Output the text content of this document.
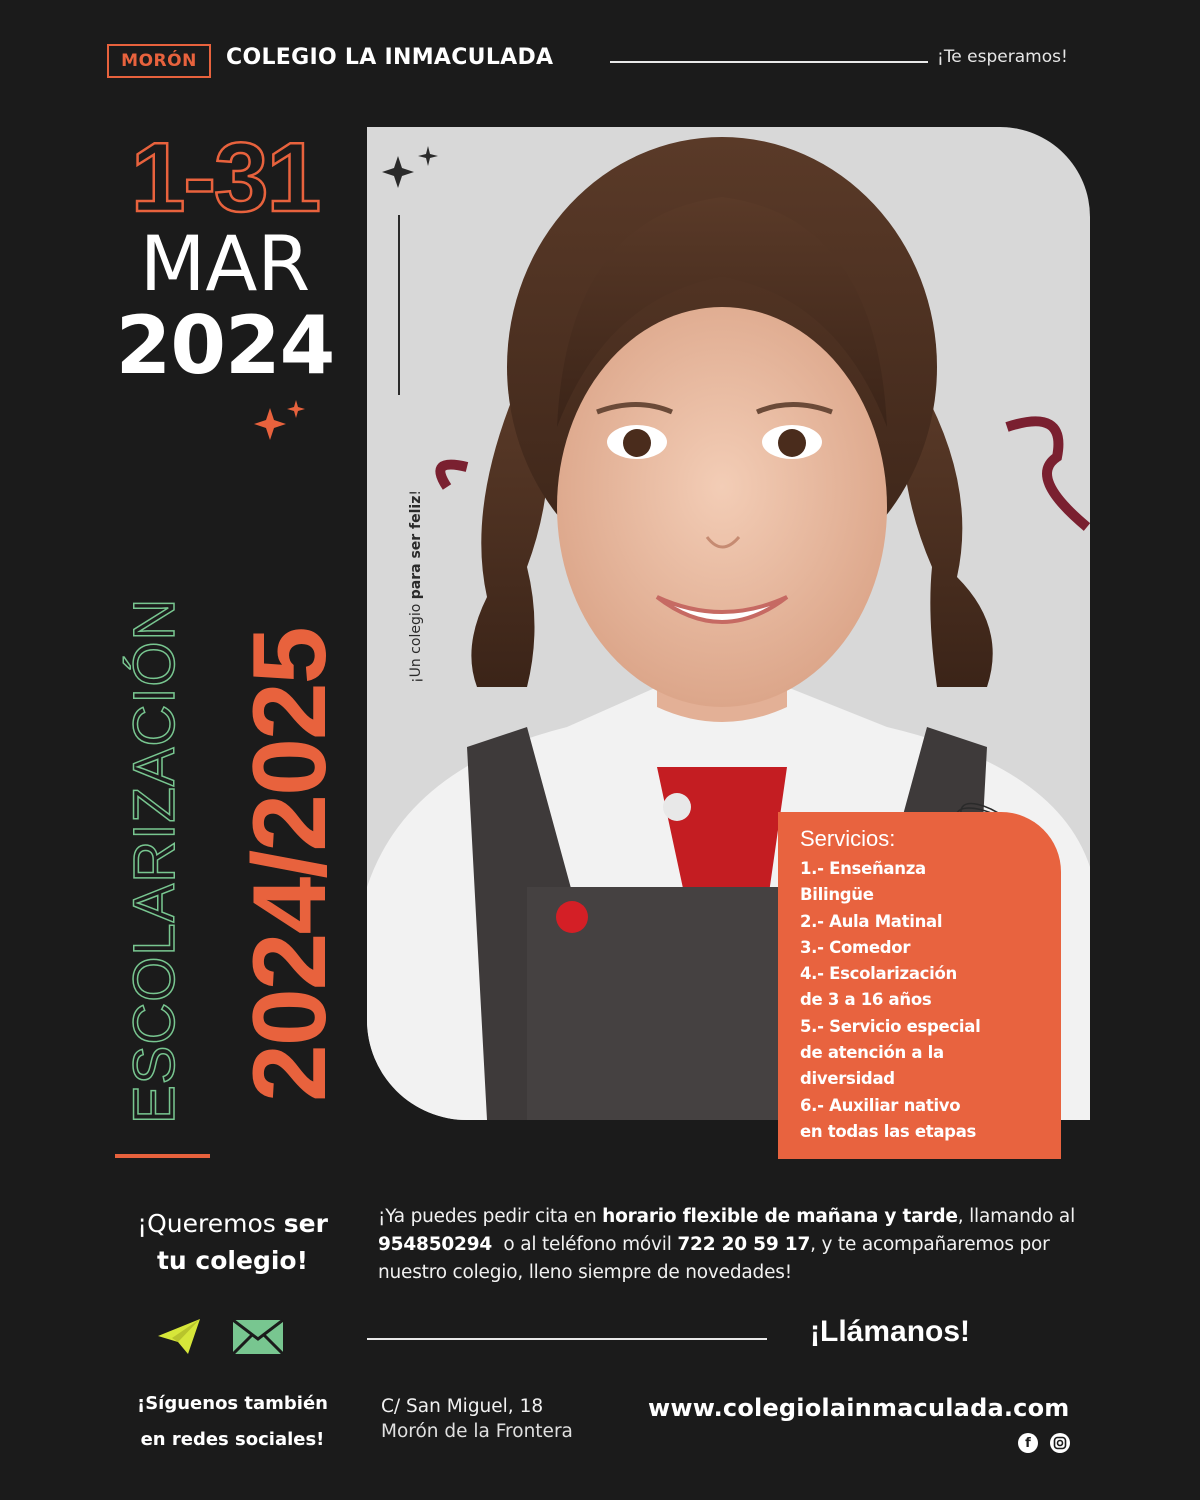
MORÓN	COLEGIO LA INMACULADA	¡Te esperamos!
1-31
MAR
2024
ESCOLARIZACIÓN 2024/2025	¡Un colegio para ser feliz!
Servicios:
1.- Enseñanza
Bilingüe
2.- Aula Matinal
3.- Comedor
4.- Escolarización
de 3 a 16 años
5.- Servicio especial
de atención a la
diversidad
6.- Auxiliar nativo
en todas las etapas
¡Queremos ser
tu colegio!
¡Ya puedes pedir cita en horario flexible de mañana y tarde, llamando al 954850294  o al teléfono móvil 722 20 59 17, y te acompañaremos por nuestro colegio, lleno siempre de novedades!
¡Llámanos!
¡Síguenos también
en redes sociales!
C/ San Miguel, 18
Morón de la Frontera
www.colegiolainmaculada.com
f
